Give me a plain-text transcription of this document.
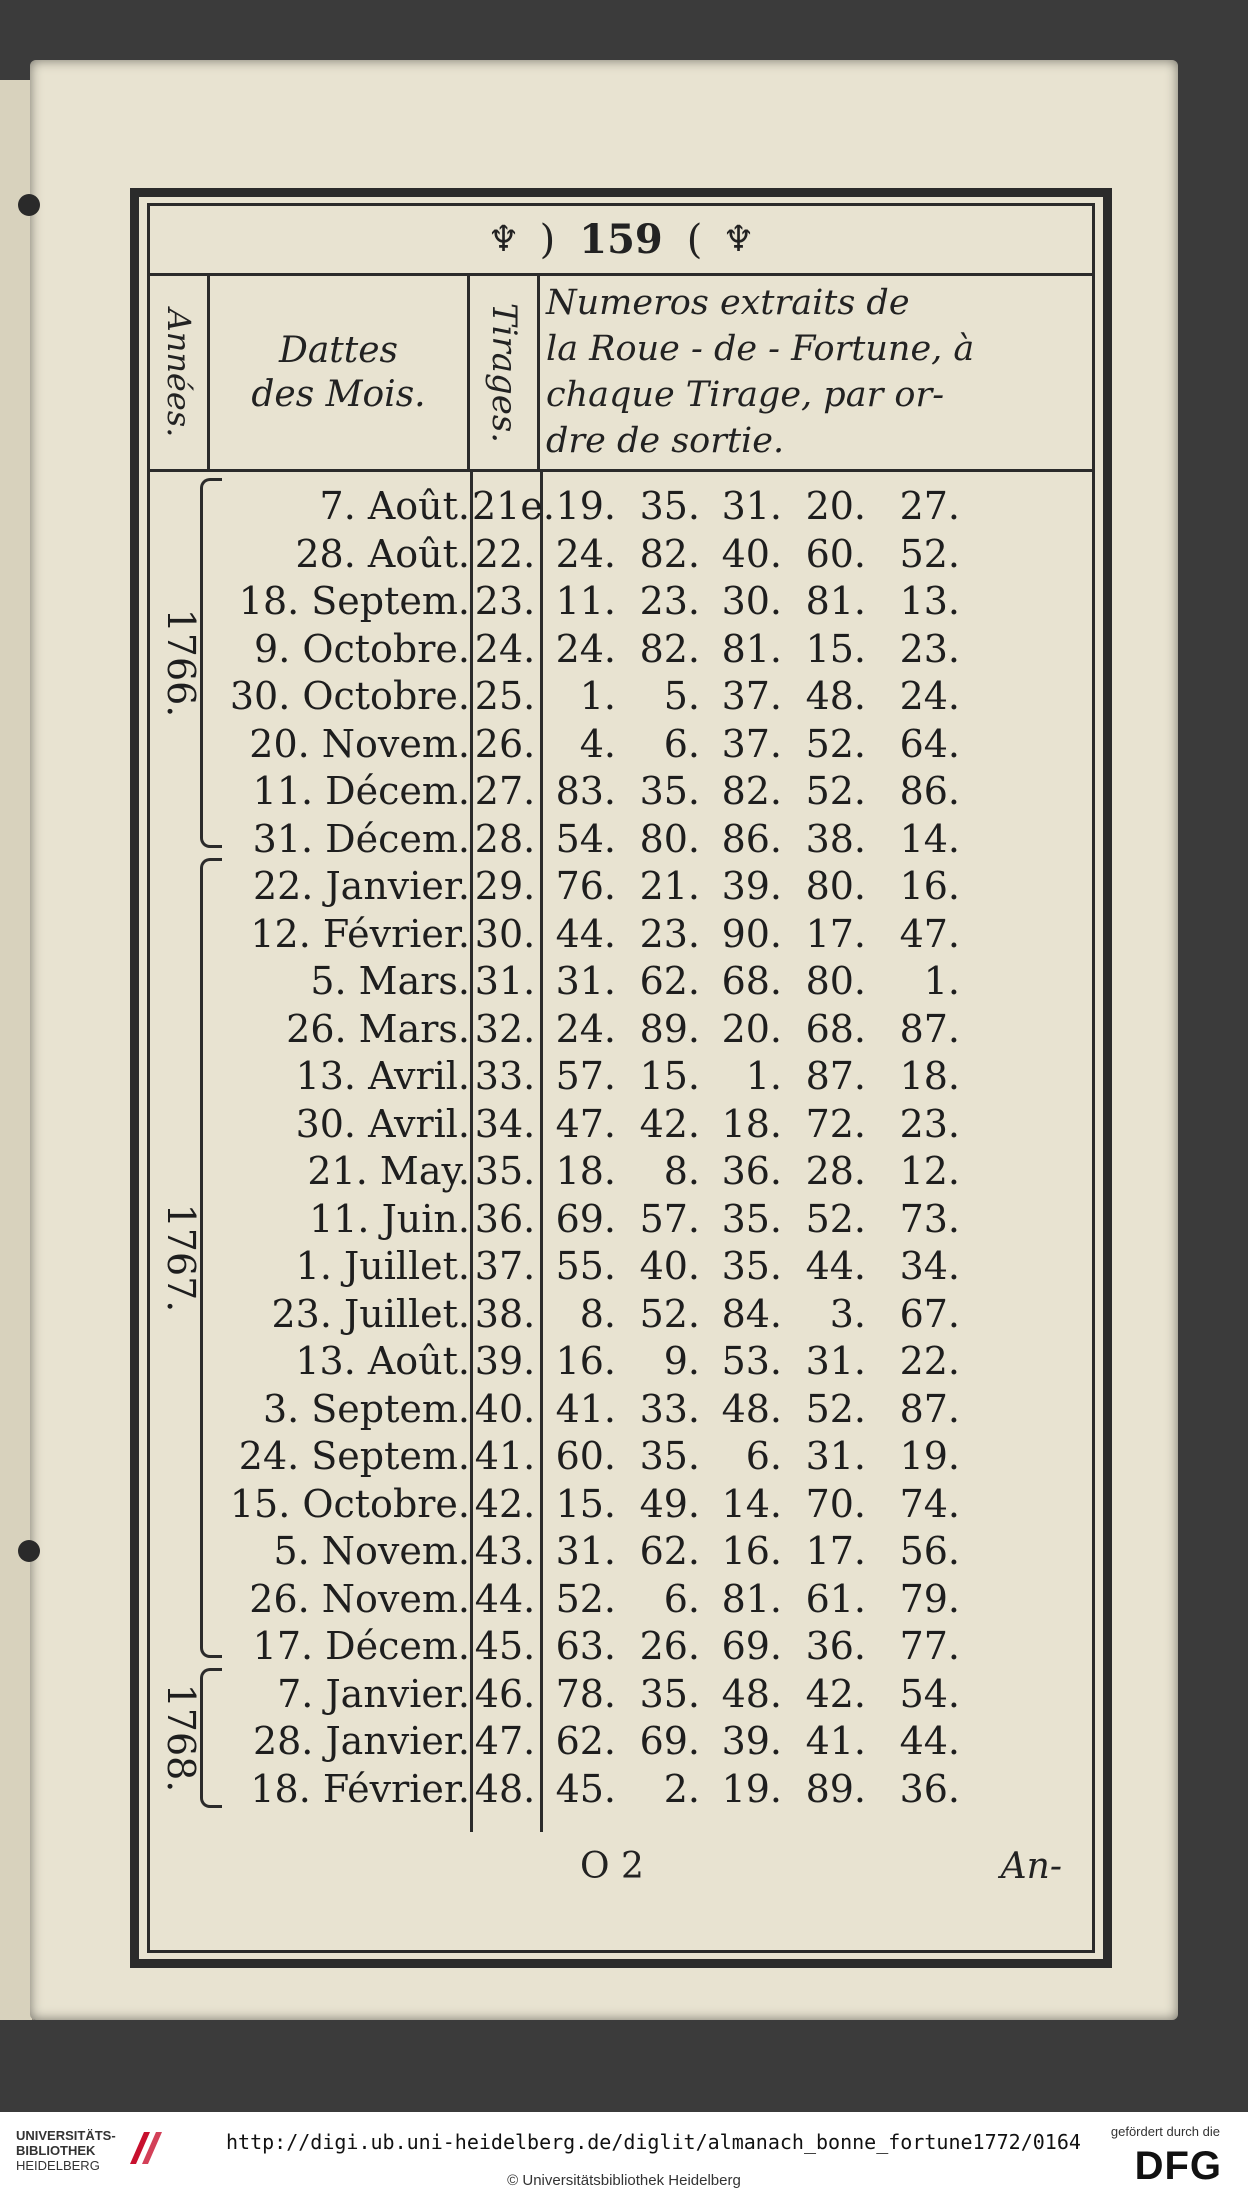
♆ ) 159 ( ♆
Années. Dattes
des Mois. Tirages. Numeros extraits de
la Roue - de - Fortune, à
chaque Tirage, par or-
dre de sortie.
1766.
1767.
1768.
7. Août. 21e. 19. 35. 31. 20. 27.
28. Août. 22. 24. 82. 40. 60. 52.
18. Septem. 23. 11. 23. 30. 81. 13.
9. Octobre. 24. 24. 82. 81. 15. 23.
30. Octobre. 25.	1.	5. 37. 48. 24.
20. Novem. 26.	4.	6. 37. 52. 64.
11. Décem. 27. 83. 35. 82. 52. 86.
31. Décem. 28. 54. 80. 86. 38. 14.
22. Janvier. 29. 76. 21. 39. 80. 16.
12. Février. 30. 44. 23. 90. 17. 47.
5. Mars. 31. 31. 62. 68. 80.	1.
26. Mars. 32. 24. 89. 20. 68. 87.
13. Avril. 33. 57. 15.	1. 87. 18.
30. Avril. 34. 47. 42. 18. 72. 23.
21. May. 35. 18.	8. 36. 28. 12.
11. Juin. 36. 69. 57. 35. 52. 73.
1. Juillet. 37. 55. 40. 35. 44. 34.
23. Juillet. 38.	8. 52. 84.	3. 67.
13. Août. 39. 16.	9. 53. 31. 22.
3. Septem. 40. 41. 33. 48. 52. 87.
24. Septem. 41. 60. 35.	6. 31. 19.
15. Octobre. 42. 15. 49. 14. 70. 74.
5. Novem. 43. 31. 62. 16. 17. 56.
26. Novem. 44. 52.	6. 81. 61. 79.
17. Décem. 45. 63. 26. 69. 36. 77.
7. Janvier. 46. 78. 35. 48. 42. 54.
28. Janvier. 47. 62. 69. 39. 41. 44.
18. Février. 48. 45.	2. 19. 89. 36.
O 2	An-
UNIVERSITÄTS-
BIBLIOTHEK
HEIDELBERG
http://digi.ub.uni-heidelberg.de/diglit/almanach_bonne_fortune1772/0164
© Universitätsbibliothek Heidelberg
gefördert durch die
DFG
